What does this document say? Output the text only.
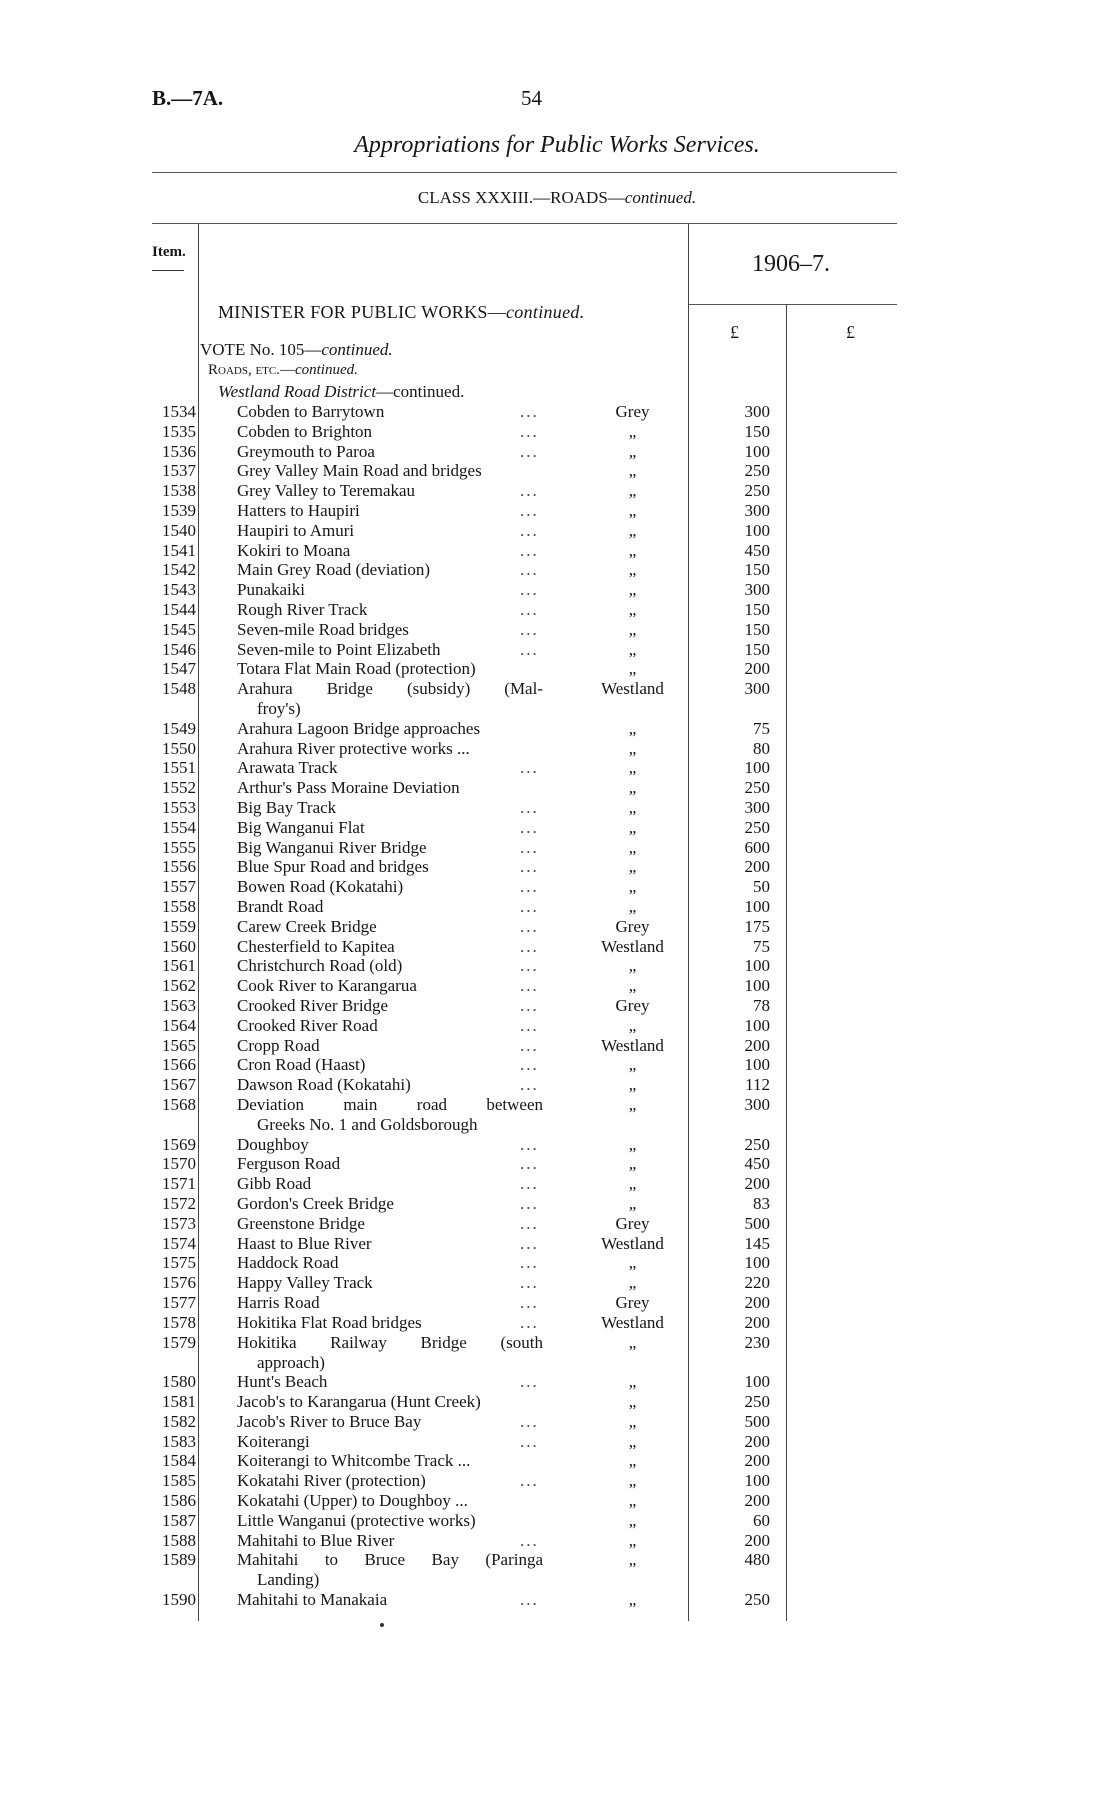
B.—7A.	54
Appropriations for Public Works Services.
CLASS XXXIII.—ROADS—continued.
Item.	1906–7.
£	£
MINISTER FOR PUBLIC WORKS—continued.
VOTE No. 105—continued.
Roads, etc.—continued.
Westland Road District—continued.
1534 Cobden to Barrytown	...	Grey	300
1535 Cobden to Brighton	...	„	150
1536 Greymouth to Paroa	...	„	100
1537 Grey Valley Main Road and bridges	„	250
1538 Grey Valley to Teremakau	...	„	250
1539 Hatters to Haupiri	...	„	300
1540 Haupiri to Amuri	...	„	100
1541 Kokiri to Moana	...	„	450
1542 Main Grey Road (deviation)	...	„	150
1543 Punakaiki	...	„	300
1544 Rough River Track	...	„	150
1545 Seven-mile Road bridges	...	„	150
1546 Seven-mile to Point Elizabeth	...	„	150
1547 Totara Flat Main Road (protection)	„	200
1548 Arahura Bridge (subsidy) (Mal-
froy's)
Westland	300
1549 Arahura Lagoon Bridge approaches	„	75
1550 Arahura River protective works ...	„	80
1551 Arawata Track	...	„	100
1552 Arthur's Pass Moraine Deviation	„	250
1553 Big Bay Track	...	„	300
1554 Big Wanganui Flat	...	„	250
1555 Big Wanganui River Bridge	...	„	600
1556 Blue Spur Road and bridges	...	„	200
1557 Bowen Road (Kokatahi)	...	„	50
1558 Brandt Road	...	„	100
1559 Carew Creek Bridge	...	Grey	175
1560 Chesterfield to Kapitea	...	Westland	75
1561 Christchurch Road (old)	...	„	100
1562 Cook River to Karangarua	...	„	100
1563 Crooked River Bridge	...	Grey	78
1564 Crooked River Road	...	„	100
1565 Cropp Road	...	Westland	200
1566 Cron Road (Haast)	...	„	100
1567 Dawson Road (Kokatahi)	...	„	112
1568 Deviation main road between
Greeks No. 1 and Goldsborough
„	300
1569 Doughboy	...	„	250
1570 Ferguson Road	...	„	450
1571 Gibb Road	...	„	200
1572 Gordon's Creek Bridge	...	„	83
1573 Greenstone Bridge	...	Grey	500
1574 Haast to Blue River	...	Westland	145
1575 Haddock Road	...	„	100
1576 Happy Valley Track	...	„	220
1577 Harris Road	...	Grey	200
1578 Hokitika Flat Road bridges	...	Westland	200
1579 Hokitika Railway Bridge (south
approach)
„	230
1580 Hunt's Beach	...	„	100
1581 Jacob's to Karangarua (Hunt Creek)	„	250
1582 Jacob's River to Bruce Bay	...	„	500
1583 Koiterangi	...	„	200
1584 Koiterangi to Whitcombe Track ...	„	200
1585 Kokatahi River (protection)	...	„	100
1586 Kokatahi (Upper) to Doughboy ...	„	200
1587 Little Wanganui (protective works)	„	60
1588 Mahitahi to Blue River	...	„	200
1589 Mahitahi to Bruce Bay (Paringa
Landing)
„	480
1590 Mahitahi to Manakaia	...	„	250
